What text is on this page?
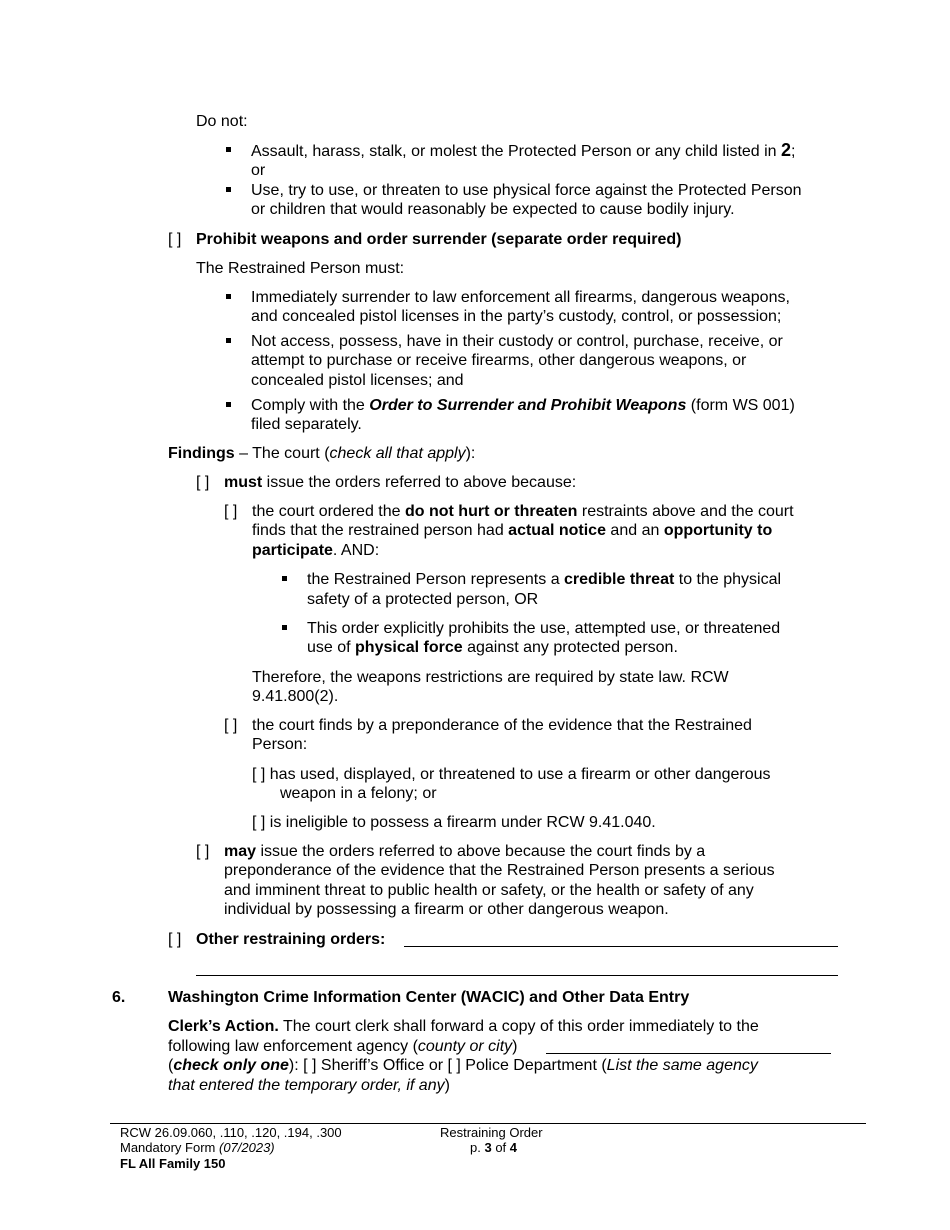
Do not:
Assault, harass, stalk, or molest the Protected Person or any child listed in 2;
or
Use, try to use, or threaten to use physical force against the Protected Person
or children that would reasonably be expected to cause bodily injury.
[ ] Prohibit weapons and order surrender (separate order required)
The Restrained Person must:
Immediately surrender to law enforcement all firearms, dangerous weapons,
and concealed pistol licenses in the party’s custody, control, or possession;
Not access, possess, have in their custody or control, purchase, receive, or
attempt to purchase or receive firearms, other dangerous weapons, or
concealed pistol licenses; and
Comply with the Order to Surrender and Prohibit Weapons (form WS 001)
filed separately.
Findings – The court (check all that apply):
[ ] must issue the orders referred to above because:
[ ] the court ordered the do not hurt or threaten restraints above and the court
finds that the restrained person had actual notice and an opportunity to
participate. AND:
the Restrained Person represents a credible threat to the physical
safety of a protected person, OR
This order explicitly prohibits the use, attempted use, or threatened
use of physical force against any protected person.
Therefore, the weapons restrictions are required by state law. RCW
9.41.800(2).
[ ] the court finds by a preponderance of the evidence that the Restrained
Person:
[ ] has used, displayed, or threatened to use a firearm or other dangerous
weapon in a felony; or
[ ] is ineligible to possess a firearm under RCW 9.41.040.
[ ] may issue the orders referred to above because the court finds by a
preponderance of the evidence that the Restrained Person presents a serious
and imminent threat to public health or safety, or the health or safety of any
individual by possessing a firearm or other dangerous weapon.
[ ] Other restraining orders:
6.	Washington Crime Information Center (WACIC) and Other Data Entry
Clerk’s Action. The court clerk shall forward a copy of this order immediately to the
following law enforcement agency (county or city)
(check only one): [ ] Sheriff’s Office or [ ] Police Department (List the same agency
that entered the temporary order, if any)
RCW 26.09.060, .110, .120, .194, .300
Mandatory Form (07/2023)
FL All Family 150
Restraining Order
p. 3 of 4
